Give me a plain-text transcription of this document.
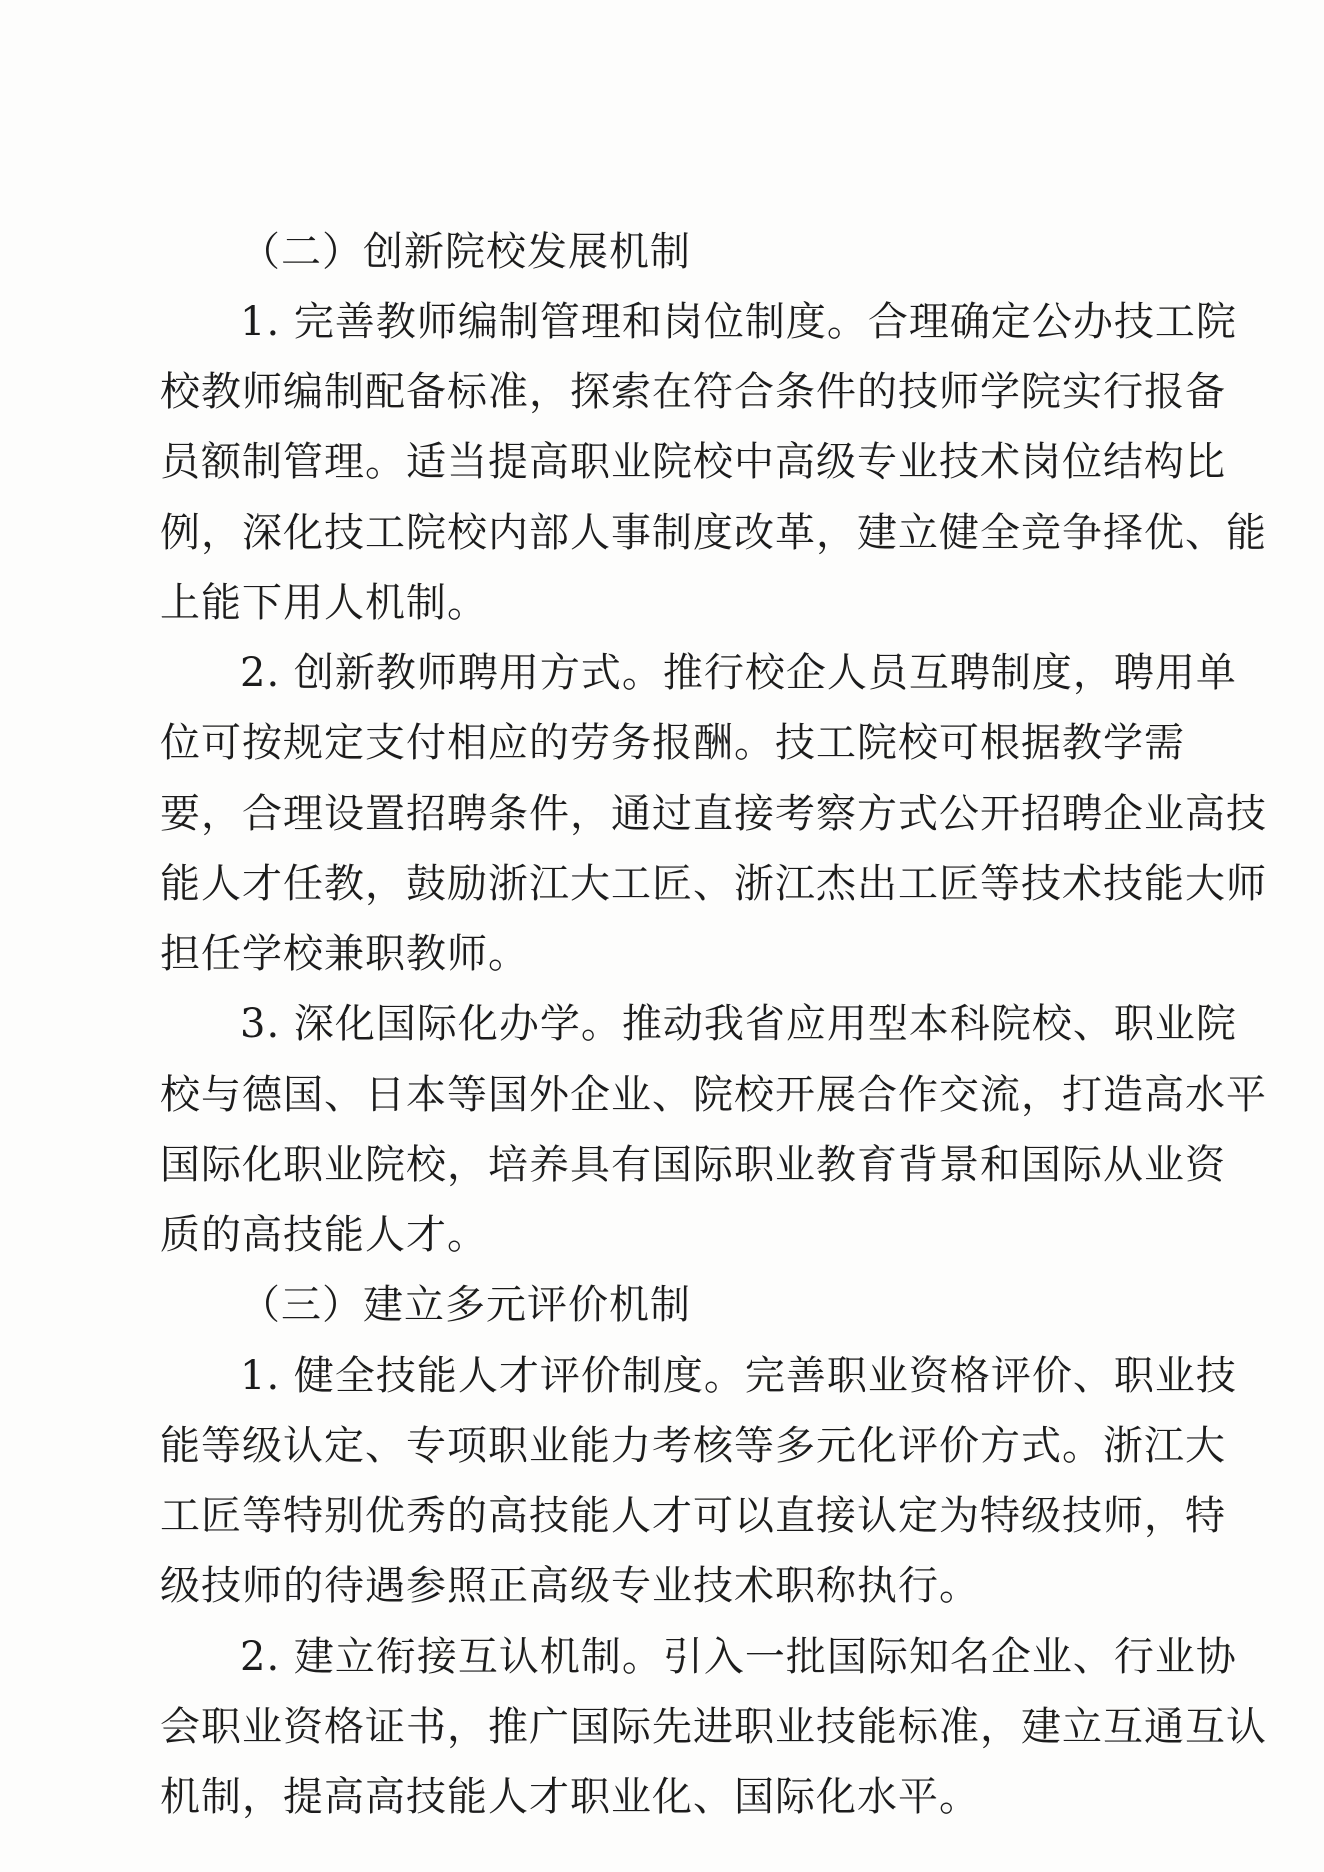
（二）创新院校发展机制
1. 完善教师编制管理和岗位制度。合理确定公办技工院
校教师编制配备标准，探索在符合条件的技师学院实行报备
员额制管理。适当提高职业院校中高级专业技术岗位结构比
例，深化技工院校内部人事制度改革，建立健全竞争择优、能
上能下用人机制。
2. 创新教师聘用方式。推行校企人员互聘制度，聘用单
位可按规定支付相应的劳务报酬。技工院校可根据教学需
要，合理设置招聘条件，通过直接考察方式公开招聘企业高技
能人才任教，鼓励浙江大工匠、浙江杰出工匠等技术技能大师
担任学校兼职教师。
3. 深化国际化办学。推动我省应用型本科院校、职业院
校与德国、日本等国外企业、院校开展合作交流，打造高水平
国际化职业院校，培养具有国际职业教育背景和国际从业资
质的高技能人才。
（三）建立多元评价机制
1. 健全技能人才评价制度。完善职业资格评价、职业技
能等级认定、专项职业能力考核等多元化评价方式。浙江大
工匠等特别优秀的高技能人才可以直接认定为特级技师，特
级技师的待遇参照正高级专业技术职称执行。
2. 建立衔接互认机制。引入一批国际知名企业、行业协
会职业资格证书，推广国际先进职业技能标准，建立互通互认
机制，提高高技能人才职业化、国际化水平。
